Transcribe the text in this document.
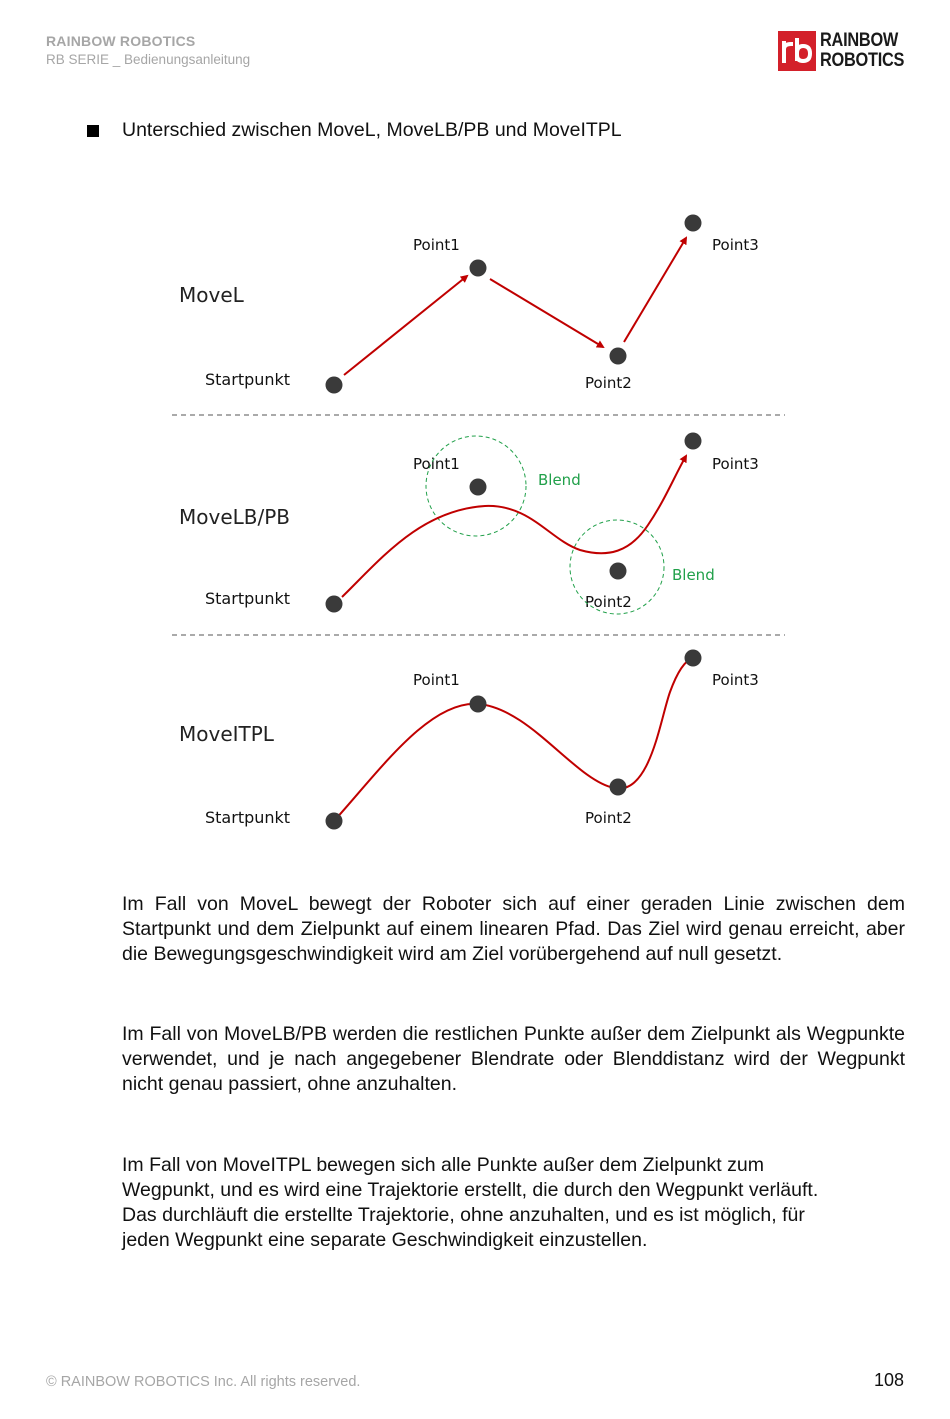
RAINBOW ROBOTICS
RB SERIE _ Bedienungsanleitung
RAINBOW
ROBOTICS
Unterschied zwischen MoveL, MoveLB/PB und MoveITPL
MoveL
Startpunkt
Point1
Point2
Point3
MoveLB/PB
Startpunkt
Point1
Point2
Point3
Blend
Blend
MoveITPL
Startpunkt
Point1
Point2
Point3
Im Fall von MoveL bewegt der Roboter sich auf einer geraden Linie zwischen dem Startpunkt und dem Zielpunkt auf einem linearen Pfad. Das Ziel wird genau erreicht, aber die Bewegungsgeschwindigkeit wird am Ziel vorübergehend auf null gesetzt.
Im Fall von MoveLB/PB werden die restlichen Punkte außer dem Zielpunkt als Wegpunkte verwendet, und je nach angegebener Blendrate oder Blenddistanz wird der Wegpunkt nicht genau passiert, ohne anzuhalten.
Im Fall von MoveITPL bewegen sich alle Punkte außer dem Zielpunkt zum
Wegpunkt, und es wird eine Trajektorie erstellt, die durch den Wegpunkt verläuft.
Das durchläuft die erstellte Trajektorie, ohne anzuhalten, und es ist möglich, für
jeden Wegpunkt eine separate Geschwindigkeit einzustellen.
© RAINBOW ROBOTICS Inc. All rights reserved.	108
